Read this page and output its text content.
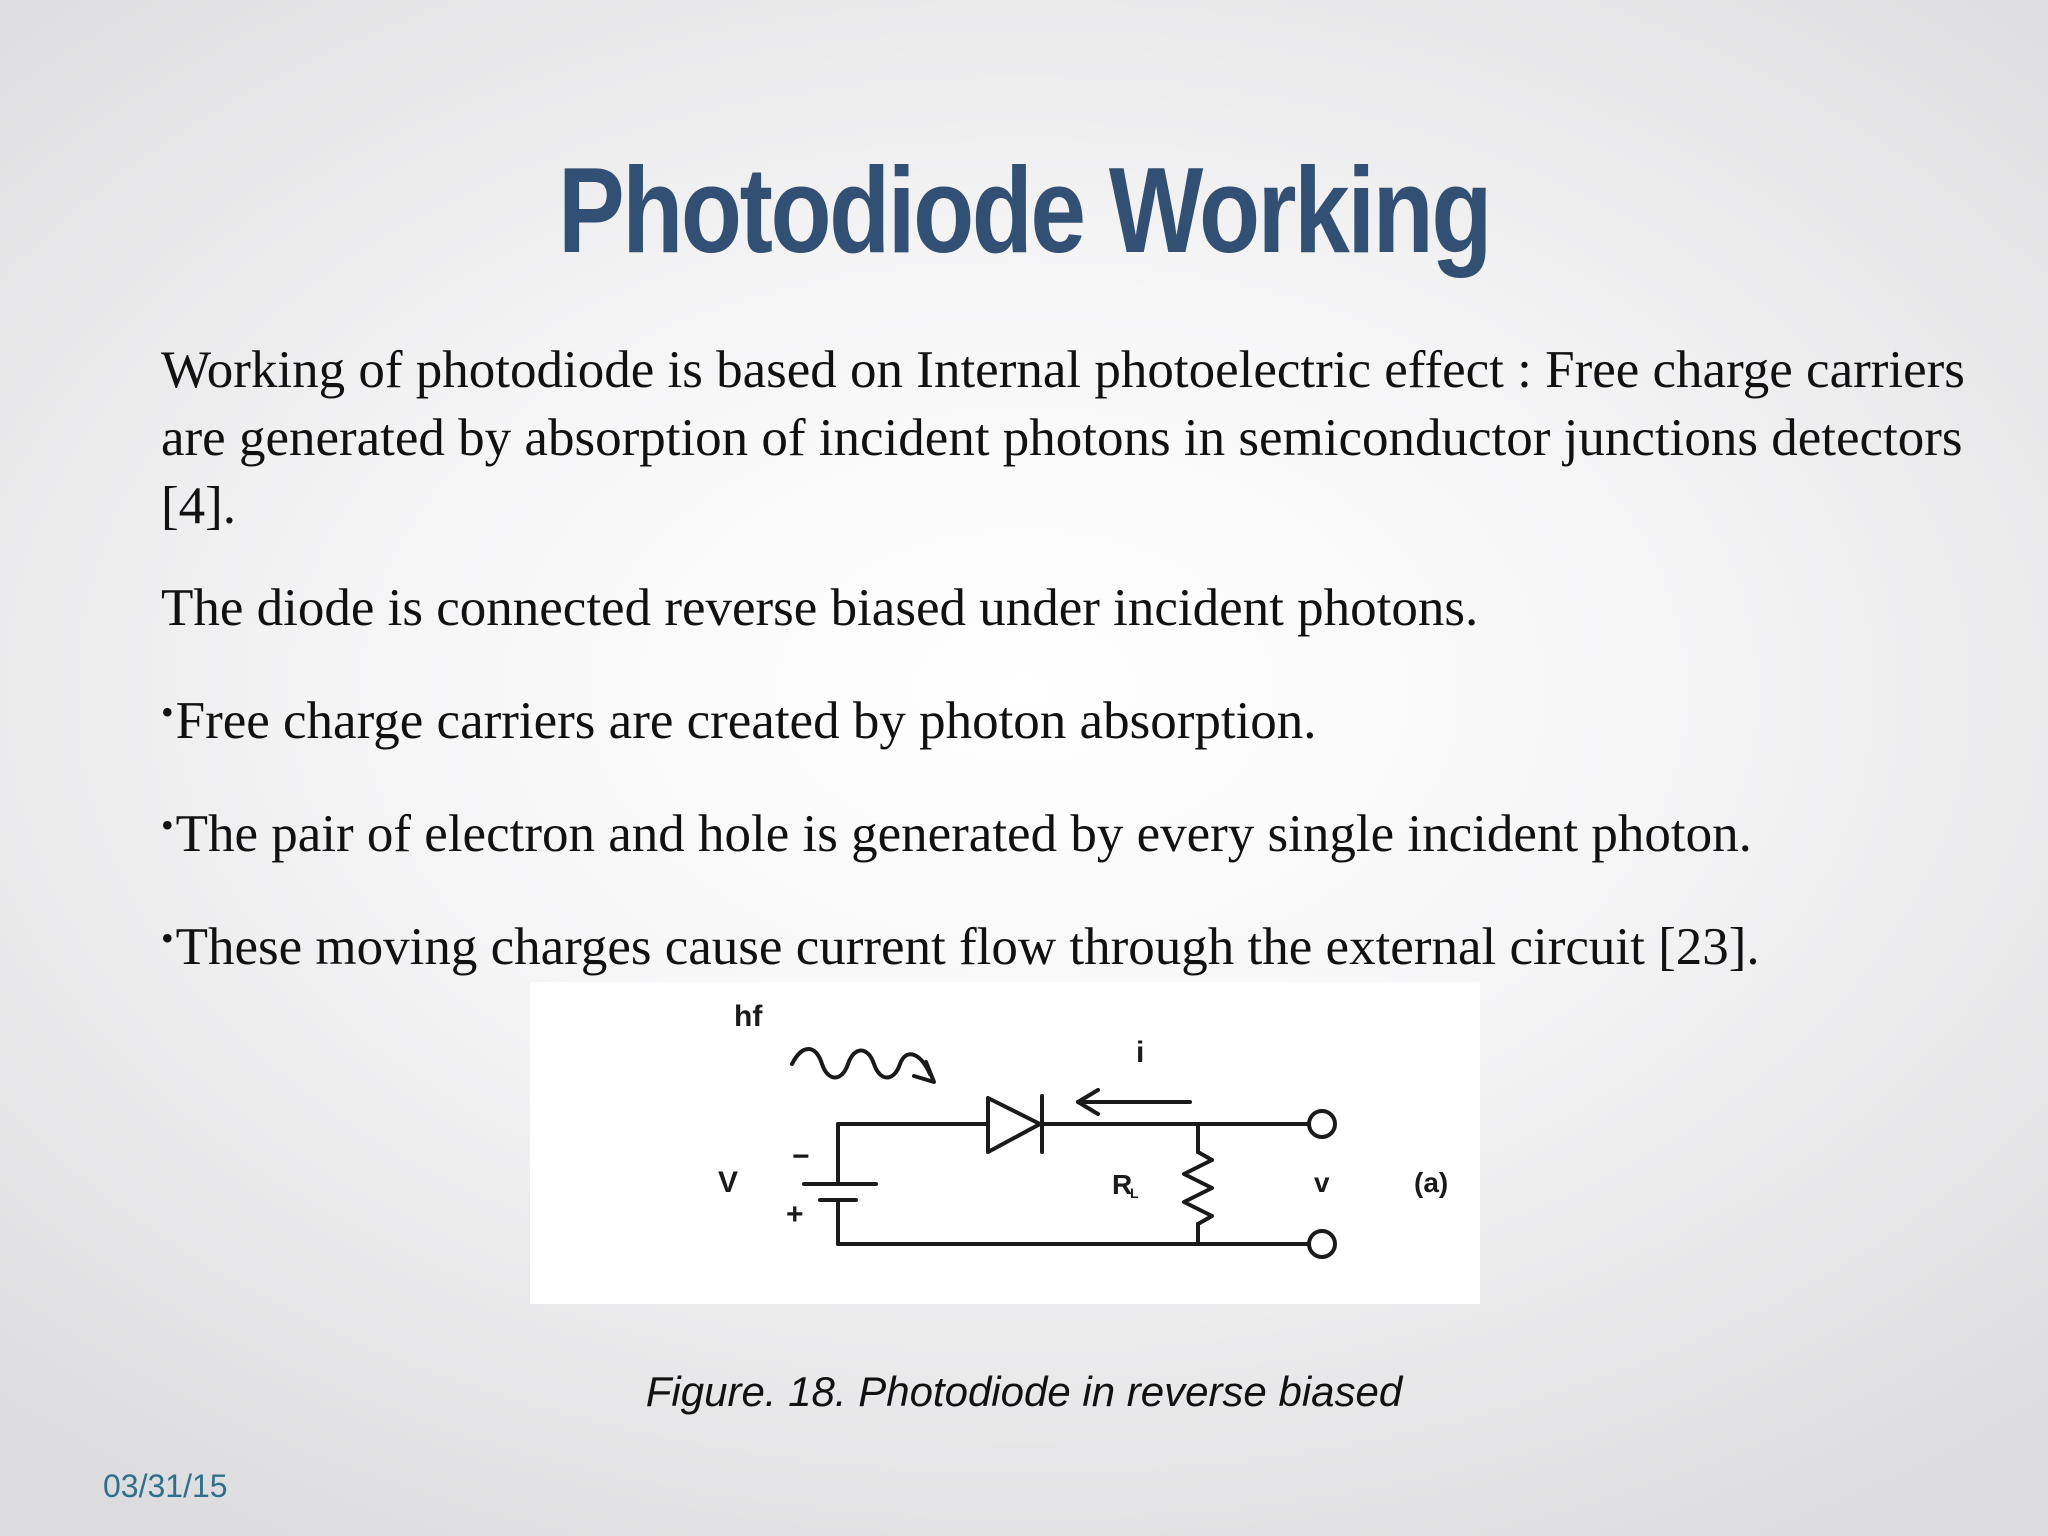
Photodiode Working

Working of photodiode is based on Internal photoelectric effect : Free charge carriers are generated by absorption of incident photons in semiconductor junctions detectors [4].

The diode is connected reverse biased under incident photons.

•Free charge carriers are created by photon absorption.

•The pair of electron and hole is generated by every single incident photon.

•These moving charges cause current flow through the external circuit [23].

hf
i
V
−
+
R
L	v	(a)

Figure. 18. Photodiode in reverse biased

03/31/15
